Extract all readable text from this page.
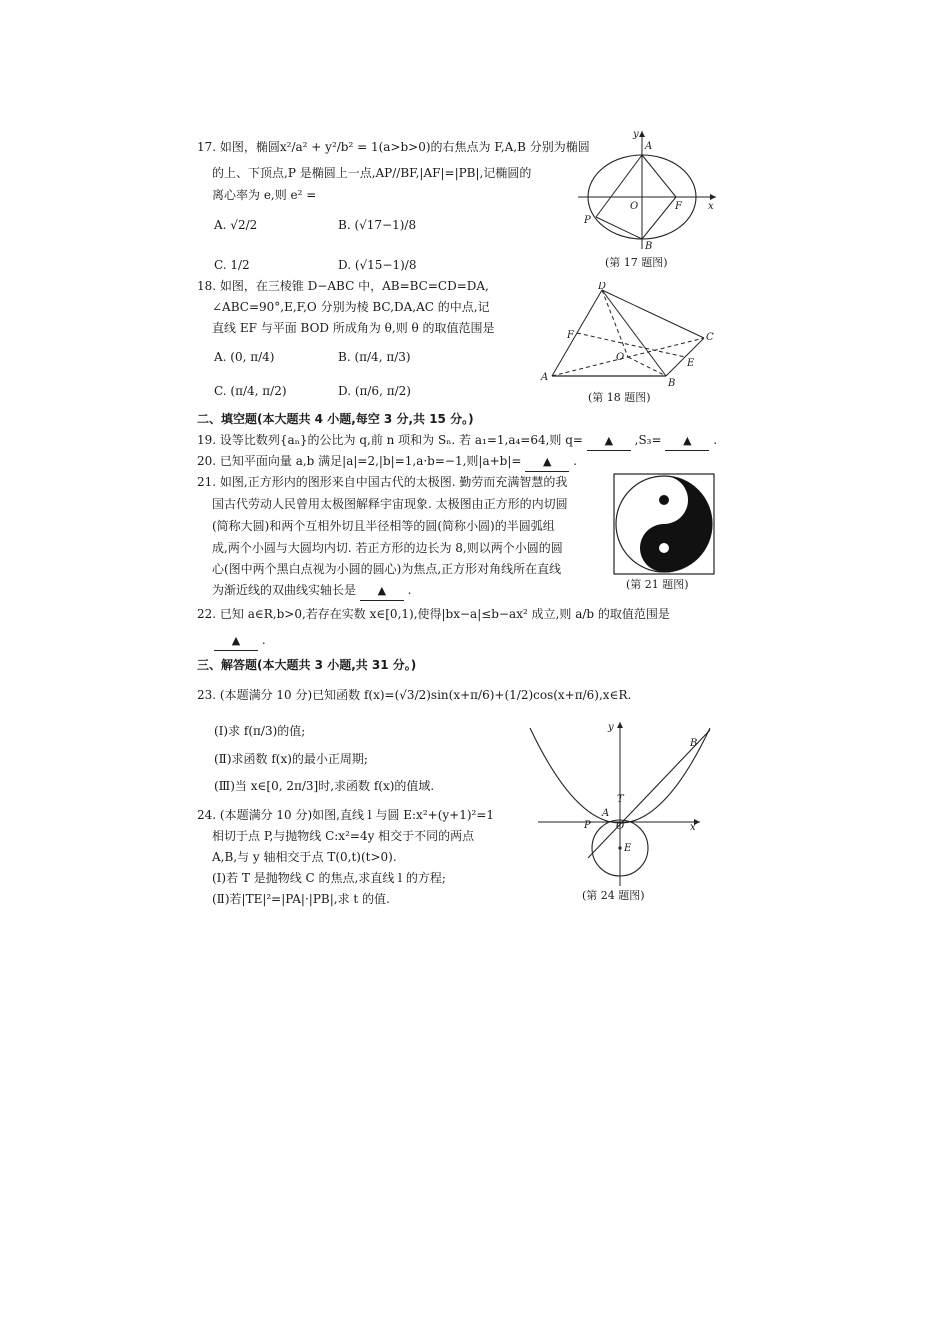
17. 如图，椭圆x²/a² + y²/b² = 1(a>b>0)的右焦点为 F,A,B 分别为椭圆
的上、下顶点,P 是椭圆上一点,AP//BF,|AF|=|PB|,记椭圆的
离心率为 e,则 e² =
A. √2/2	B. (√17−1)/8
C. 1/2	D. (√15−1)/8
y
A
O	F	x
P
B
(第 17 题图)
18. 如图，在三棱锥 D−ABC 中，AB=BC=CD=DA,
∠ABC=90°,E,F,O 分别为棱 BC,DA,AC 的中点,记
直线 EF 与平面 BOD 所成角为 θ,则 θ 的取值范围是
A. (0, π/4)	B. (π/4, π/3)
C. (π/4, π/2)	D. (π/6, π/2)
D
F	C
O
E
A
B
(第 18 题图)
二、填空题(本大题共 4 小题,每空 3 分,共 15 分。)
19. 设等比数列{aₙ}的公比为 q,前 n 项和为 Sₙ. 若 a₁=1,a₄=64,则 q= ▲ ,S₃= ▲ .
20. 已知平面向量 a,b 满足|a|=2,|b|=1,a·b=−1,则|a+b|= ▲ .
21. 如图,正方形内的图形来自中国古代的太极图. 勤劳而充满智慧的我
国古代劳动人民曾用太极图解释宇宙现象. 太极图由正方形的内切圆
(简称大圆)和两个互相外切且半径相等的圆(简称小圆)的半圆弧组
成,两个小圆与大圆均内切. 若正方形的边长为 8,则以两个小圆的圆
心(图中两个黑白点视为小圆的圆心)为焦点,正方形对角线所在直线
为渐近线的双曲线实轴长是 ▲ .	(第 21 题图)
22. 已知 a∈R,b>0,若存在实数 x∈[0,1),使得|bx−a|≤b−ax² 成立,则 a/b 的取值范围是
▲ .
三、解答题(本大题共 3 小题,共 31 分。)
23. (本题满分 10 分)已知函数 f(x)=(√3/2)sin(x+π/6)+(1/2)cos(x+π/6),x∈R.
(Ⅰ)求 f(π/3)的值;
(Ⅱ)求函数 f(x)的最小正周期;
(Ⅲ)当 x∈[0, 2π/3]时,求函数 f(x)的值域.
24. (本题满分 10 分)如图,直线 l 与圆 E:x²+(y+1)²=1
相切于点 P,与抛物线 C:x²=4y 相交于不同的两点
A,B,与 y 轴相交于点 T(0,t)(t>0).
(Ⅰ)若 T 是抛物线 C 的焦点,求直线 l 的方程;
(Ⅱ)若|TE|²=|PA|·|PB|,求 t 的值.
y
B
T
A
P	O	x
E
(第 24 题图)
